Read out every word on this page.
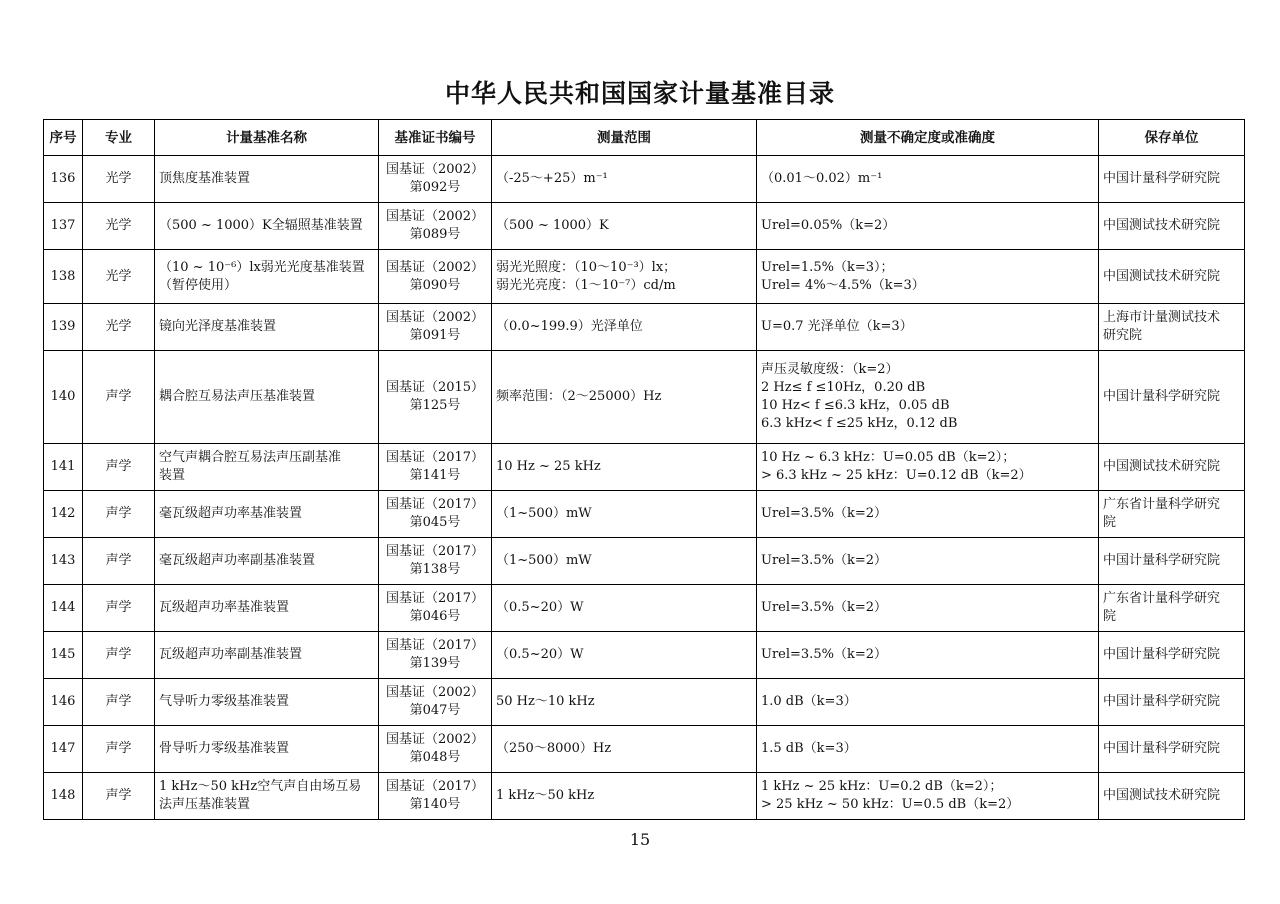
中华人民共和国国家计量基准目录
序号	专业	计量基准名称	基准证书编号	测量范围	测量不确定度或准确度	保存单位
136	光学	顶焦度基准装置	国基证（2002）
第092号	（-25～+25）m⁻¹	（0.01～0.02）m⁻¹	中国计量科学研究院

137	光学	（500 ~ 1000）K全辐照基准装置	国基证（2002）
第089号	（500 ~ 1000）K	Urel=0.05%（k=2）	中国测试技术研究院

138	光学	（10 ~ 10⁻⁶）lx弱光光度基准装置
（暂停使用）	国基证（2002）
第090号	弱光光照度：（10～10⁻³）lx；
弱光光亮度：（1～10⁻⁷）cd/m	Urel=1.5%（k=3）；
Urel= 4%～4.5%（k=3）	中国测试技术研究院

139	光学	镜向光泽度基准装置	国基证（2002）
第091号	（0.0~199.9）光泽单位	U=0.7 光泽单位（k=3）	上海市计量测试技术
研究院

140	声学	耦合腔互易法声压基准装置	国基证（2015）
第125号	频率范围：（2～25000）Hz	声压灵敏度级：（k=2）
2 Hz≤ f ≤10Hz，0.20 dB
10 Hz< f ≤6.3 kHz，0.05 dB
6.3 kHz< f ≤25 kHz，0.12 dB	中国计量科学研究院

141	声学	空气声耦合腔互易法声压副基准
装置	国基证（2017）
第141号	10 Hz ~ 25 kHz	10 Hz ~ 6.3 kHz：U=0.05 dB（k=2）；
> 6.3 kHz ~ 25 kHz：U=0.12 dB（k=2）	中国测试技术研究院

142	声学	毫瓦级超声功率基准装置	国基证（2017）
第045号	（1~500）mW	Urel=3.5%（k=2）	广东省计量科学研究
院

143	声学	毫瓦级超声功率副基准装置	国基证（2017）
第138号	（1~500）mW	Urel=3.5%（k=2）	中国计量科学研究院

144	声学	瓦级超声功率基准装置	国基证（2017）
第046号	（0.5~20）W	Urel=3.5%（k=2）	广东省计量科学研究
院

145	声学	瓦级超声功率副基准装置	国基证（2017）
第139号	（0.5~20）W	Urel=3.5%（k=2）	中国计量科学研究院

146	声学	气导听力零级基准装置	国基证（2002）
第047号	50 Hz～10 kHz	1.0 dB（k=3）	中国计量科学研究院

147	声学	骨导听力零级基准装置	国基证（2002）
第048号	（250～8000）Hz	1.5 dB（k=3）	中国计量科学研究院

148	声学	1 kHz～50 kHz空气声自由场互易
法声压基准装置	国基证（2017）
第140号	1 kHz～50 kHz	1 kHz ~ 25 kHz：U=0.2 dB（k=2）；
> 25 kHz ~ 50 kHz：U=0.5 dB（k=2）	中国测试技术研究院
15
